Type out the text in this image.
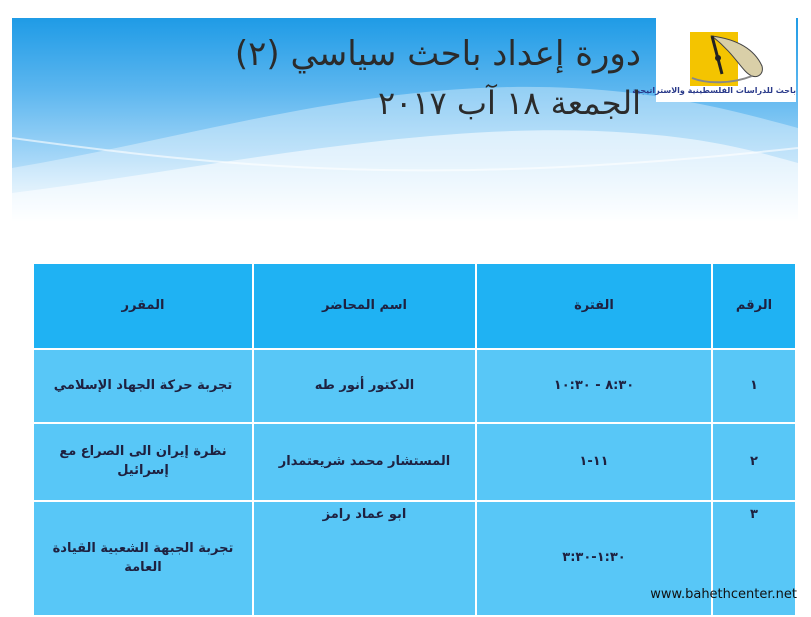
باحث للدراسات الفلسطينية والاستراتيجية
دورة إعداد باحث سياسي (٢)
الجمعة ١٨ آب ٢٠١٧
الرقم	الفترة	اسم المحاضر	المقرر
١	٨:٣٠ - ١٠:٣٠	الدكتور أنور طه	تجربة حركة الجهاد الإسلامي
٢	١١-١	المستشار محمد شريعتمدار	نظرة إيران الى الصراع مع إسرائيل
٣	١:٣٠-٣:٣٠	ابو عماد رامز	تجربة الجبهة الشعبية القيادة العامة
www.bahethcenter.net
